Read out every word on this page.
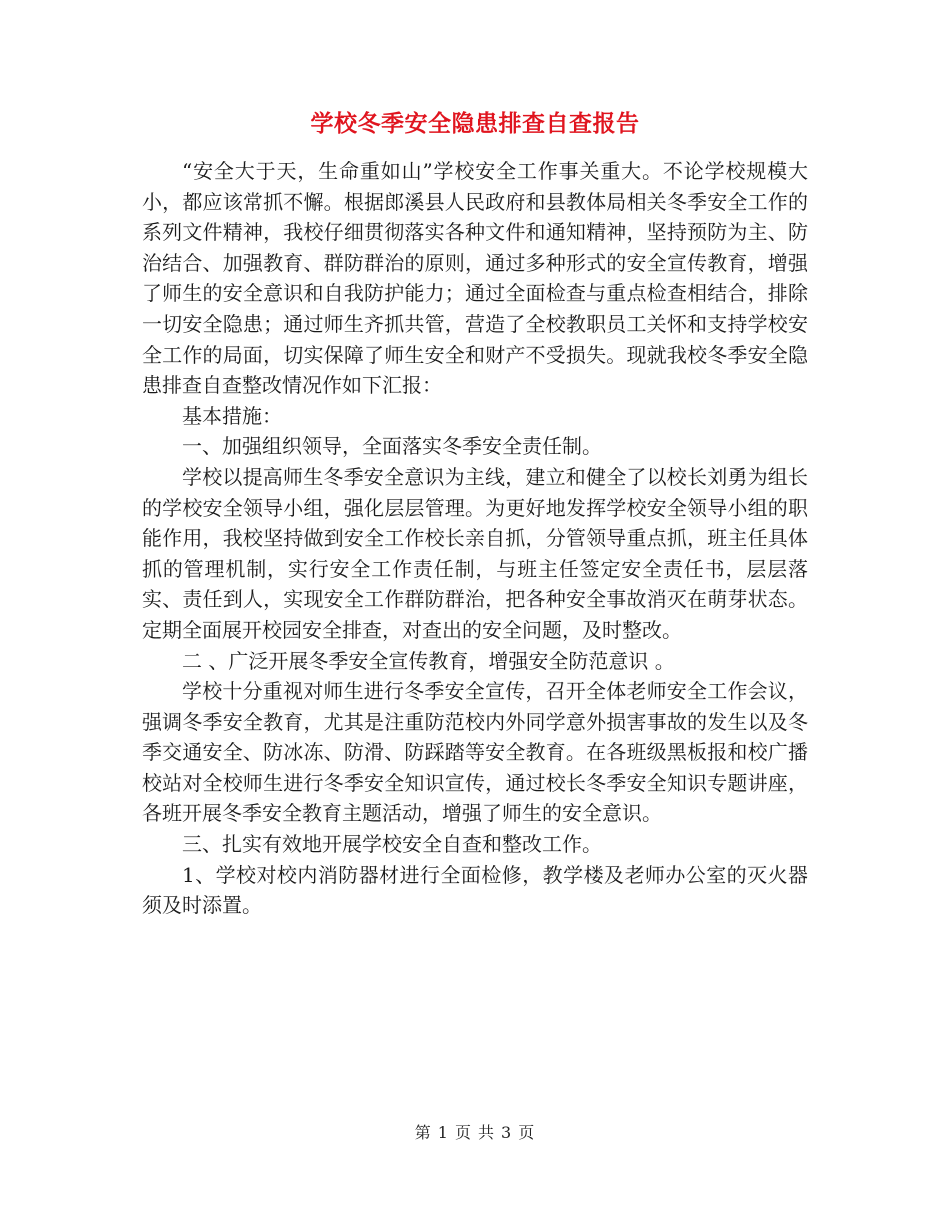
学校冬季安全隐患排查自查报告

“安全大于天，生命重如山”学校安全工作事关重大。不论学校规模大小，都应该常抓不懈。根据郎溪县人民政府和县教体局相关冬季安全工作的系列文件精神，我校仔细贯彻落实各种文件和通知精神，坚持预防为主、防治结合、加强教育、群防群治的原则，通过多种形式的安全宣传教育，增强了师生的安全意识和自我防护能力；通过全面检查与重点检查相结合，排除一切安全隐患；通过师生齐抓共管，营造了全校教职员工关怀和支持学校安全工作的局面，切实保障了师生安全和财产不受损失。现就我校冬季安全隐患排查自查整改情况作如下汇报：

基本措施：

一、加强组织领导，全面落实冬季安全责任制。

学校以提高师生冬季安全意识为主线，建立和健全了以校长刘勇为组长的学校安全领导小组，强化层层管理。为更好地发挥学校安全领导小组的职能作用，我校坚持做到安全工作校长亲自抓，分管领导重点抓，班主任具体抓的管理机制，实行安全工作责任制，与班主任签定安全责任书，层层落实、责任到人，实现安全工作群防群治，把各种安全事故消灭在萌芽状态。定期全面展开校园安全排查，对查出的安全问题，及时整改。

二 、广泛开展冬季安全宣传教育，增强安全防范意识 。

学校十分重视对师生进行冬季安全宣传，召开全体老师安全工作会议，强调冬季安全教育，尤其是注重防范校内外同学意外损害事故的发生以及冬季交通安全、防冰冻、防滑、防踩踏等安全教育。在各班级黑板报和校广播校站对全校师生进行冬季安全知识宣传，通过校长冬季安全知识专题讲座，各班开展冬季安全教育主题活动，增强了师生的安全意识。

三、扎实有效地开展学校安全自查和整改工作。

1、学校对校内消防器材进行全面检修，教学楼及老师办公室的灭火器须及时添置。

第 1 页 共 3 页
